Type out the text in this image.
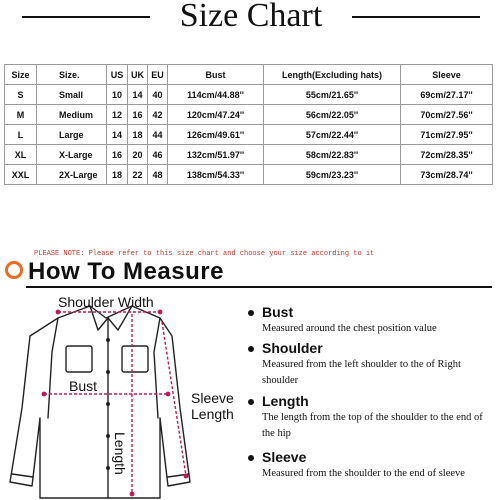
Size Chart
Size	Size.	US	UK	EU	Bust	Length(Excluding hats)	Sleeve
S	Small	10	14	40	114cm/44.88''	55cm/21.65''	69cm/27.17''
M	Medium	12	16	42	120cm/47.24''	56cm/22.05''	70cm/27.56''
L	Large	14	18	44	126cm/49.61''	57cm/22.44''	71cm/27.95''
XL	X-Large	16	20	46	132cm/51.97''	58cm/22.83''	72cm/28.35''
XXL	2X-Large	18	22	48	138cm/54.33''	59cm/23.23''	73cm/28.74''
PLEASE NOTE: Please refer to this size chart and choose your size according to it
How To Measure
Shoulder Width
Bust
Sleeve
Length
Length
Bust
Measured around the chest position value
Shoulder
Measured from the left shoulder to the of Right shoulder
Length
The length from the top of the shoulder to the end of the hip
Sleeve
Measured from the shoulder to the end of sleeve
